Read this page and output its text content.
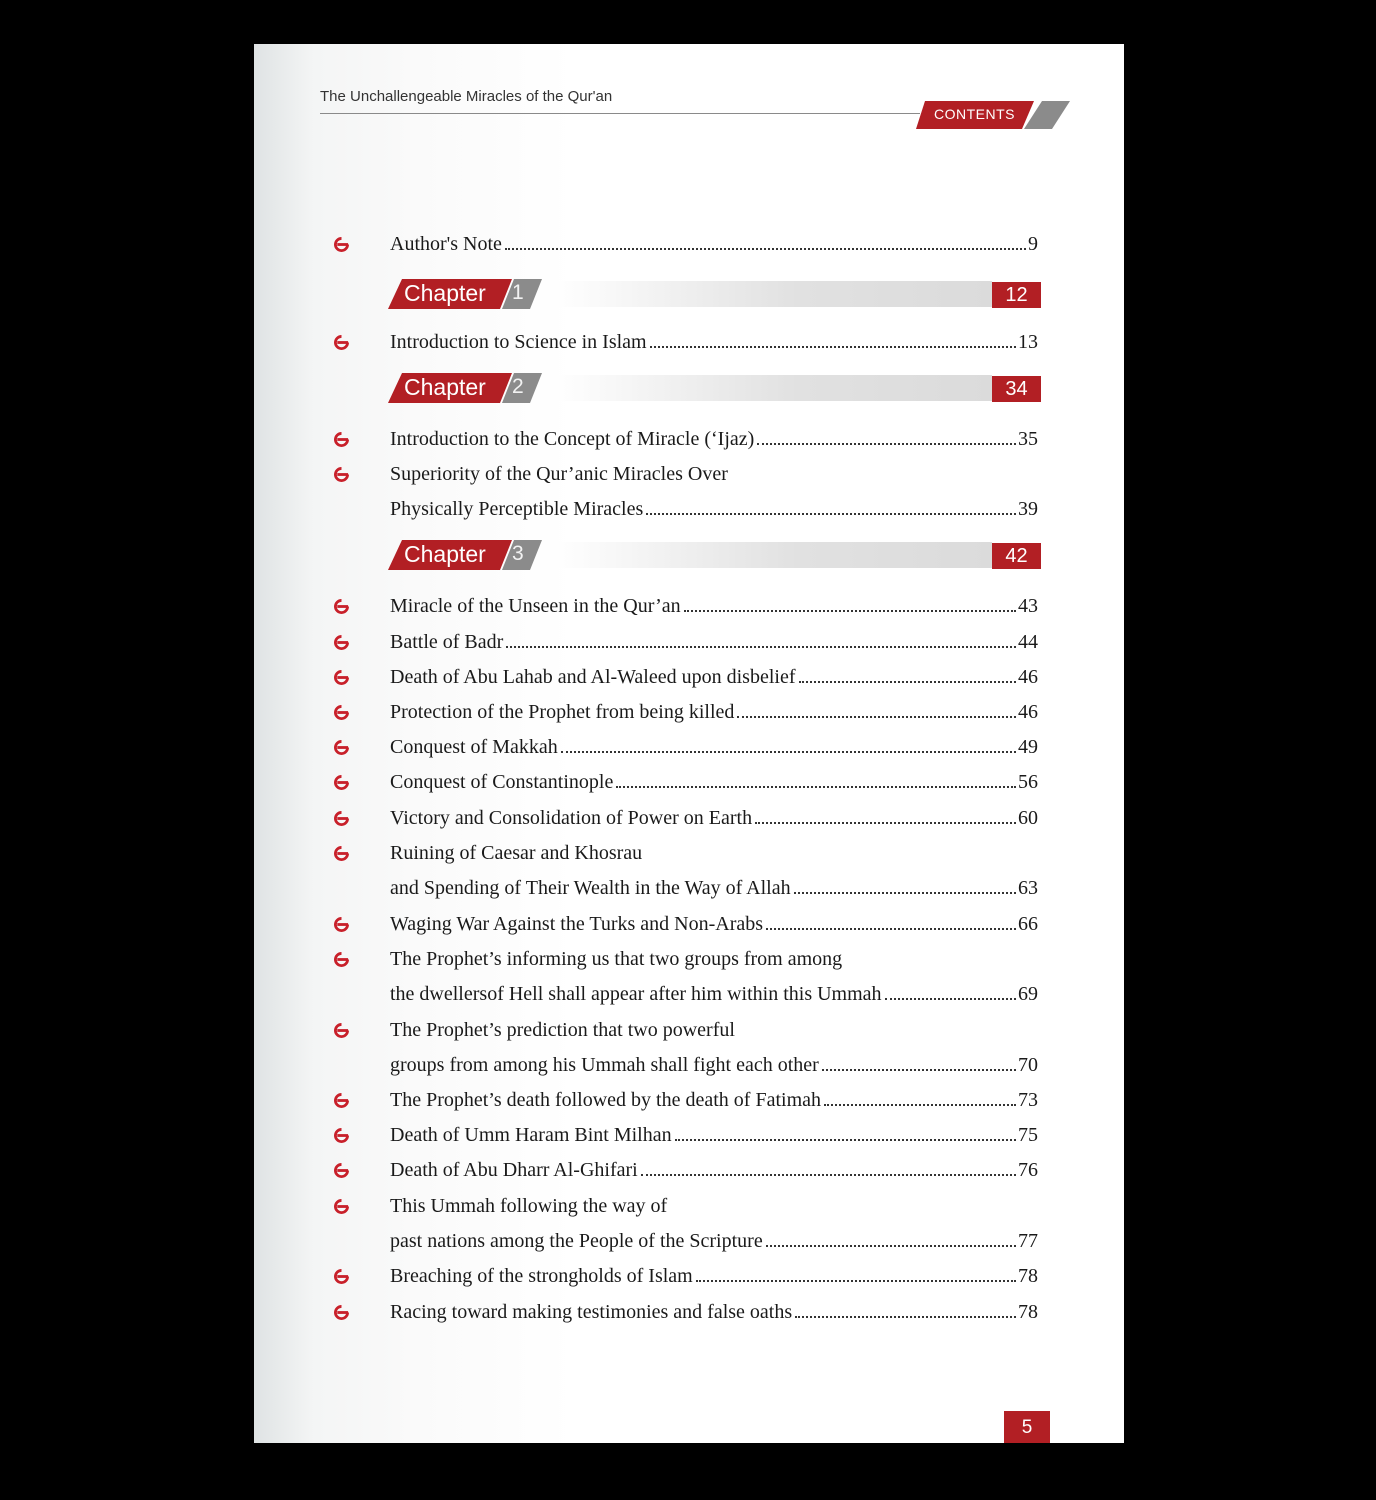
The Unchallengeable Miracles of the Qur'an
CONTENTS
Author's Note	9
Chapter 1	12
Introduction to Science in Islam	13
Chapter 2	34
Introduction to the Concept of Miracle (‘Ijaz)	35
Superiority of the Qur’anic Miracles Over
Physically Perceptible Miracles	39
Chapter 3	42
Miracle of the Unseen in the Qur’an	43
Battle of Badr	44
Death of Abu Lahab and Al-Waleed upon disbelief	46
Protection of the Prophet from being killed	46
Conquest of Makkah	49
Conquest of Constantinople	56
Victory and Consolidation of Power on Earth	60
Ruining of Caesar and Khosrau
and Spending of Their Wealth in the Way of Allah	63
Waging War Against the Turks and Non-Arabs	66
The Prophet’s informing us that two groups from among
the dwellersof Hell shall appear after him within this Ummah	69
The Prophet’s prediction that two powerful
groups from among his Ummah shall fight each other	70
The Prophet’s death followed by the death of Fatimah	73
Death of Umm Haram Bint Milhan	75
Death of Abu Dharr Al-Ghifari	76
This Ummah following the way of
past nations among the People of the Scripture	77
Breaching of the strongholds of Islam	78
Racing toward making testimonies and false oaths	78
5
